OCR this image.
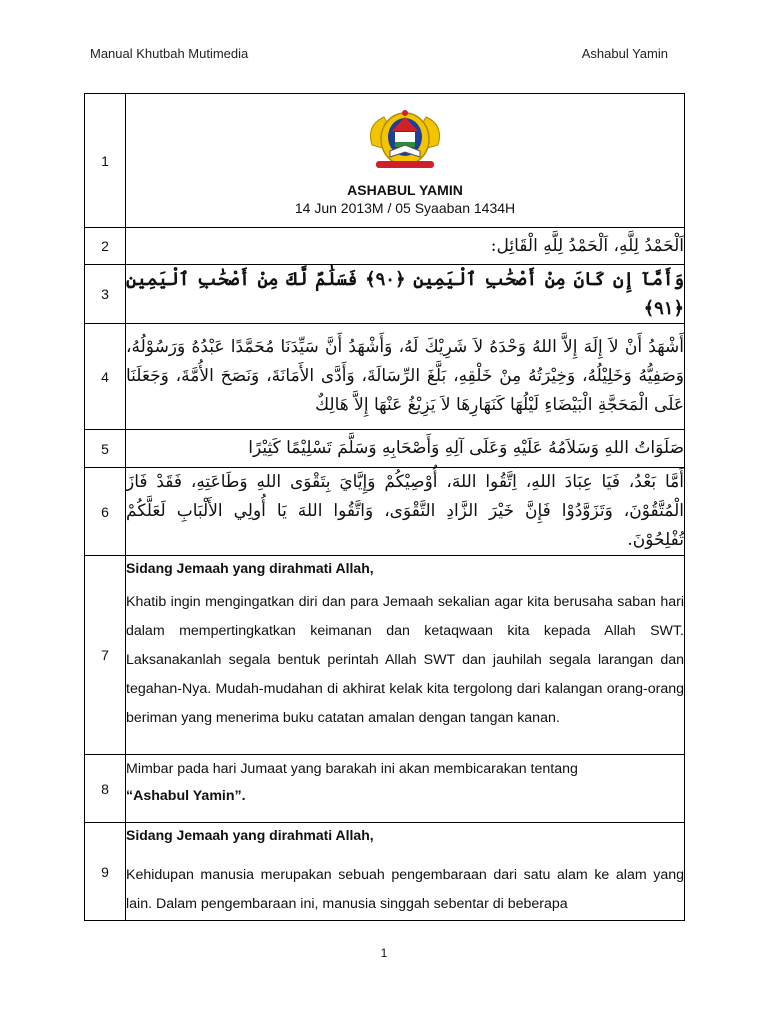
Manual Khutbah Mutimedia	Ashabul Yamin
1	ASHABUL YAMIN
14 Jun 2013M / 05 Syaaban 1434H

2	اَلْحَمْدُ لِلَّهِ، اَلْحَمْدُ لِلَّهِ الْقَائِل:

3	وَأَمَّآ إِن كَانَ مِنْ أَصْحَٰبِ ٱلْيَمِينِ ﴿٩٠﴾ فَسَلَٰمٌ لَّكَ مِنْ أَصْحَٰبِ ٱلْيَمِينِ ﴿٩١﴾

4	أَشْهَدُ أَنْ لاَ إِلَهَ إِلاَّ اللهُ وَحْدَهُ لاَ شَرِيْكَ لَهُ، وَأَشْهَدُ أَنَّ سَيِّدَنَا مُحَمَّدًا عَبْدُهُ وَرَسُوْلُهُ، وَصَفِيُّهُ وَخَلِيْلُهُ، وَخِيْرَتُهُ مِنْ خَلْقِهِ، بَلَّغَ الرِّسَالَةَ، وَأَدَّى الأَمَانَةَ، وَنَصَحَ الأُمَّةَ، وَجَعَلَنَا عَلَى الْمَحَجَّةِ الْبَيْضَاءِ لَيْلُهَا كَنَهَارِهَا لاَ يَزِيْغُ عَنْهَا إِلاَّ هَالِكٌ

5	صَلَوَاتُ اللهِ وَسَلاَمُهُ عَلَيْهِ وَعَلَى آلِهِ وَأَصْحَابِهِ وَسَلَّمَ تَسْلِيْمًا كَثِيْرًا

6	أَمَّا بَعْدُ، فَيَا عِبَادَ اللهِ، اِتَّقُوا اللهَ، أُوْصِيْكُمْ وَإِيَّايَ بِتَقْوَى اللهِ وَطَاعَتِهِ، فَقَدْ فَازَ الْمُتَّقُوْنَ، وَتَزَوَّدُوْا فَإِنَّ خَيْرَ الزَّادِ التَّقْوَى، وَاتَّقُوا اللهَ يَا أُولِي الأَلْبَابِ لَعَلَّكُمْ تُفْلِحُوْنَ.

7	Sidang Jemaah yang dirahmati Allah,
Khatib ingin mengingatkan diri dan para Jemaah sekalian agar kita berusaha saban hari dalam mempertingkatkan keimanan dan ketaqwaan kita kepada Allah SWT. Laksanakanlah segala bentuk perintah Allah SWT dan jauhilah segala larangan dan tegahan-Nya. Mudah-mudahan di akhirat kelak kita tergolong dari kalangan orang-orang beriman yang menerima buku catatan amalan dengan tangan kanan.

8	Mimbar pada hari Jumaat yang barakah ini akan membicarakan tentang
“Ashabul Yamin”.

9	Sidang Jemaah yang dirahmati Allah,
Kehidupan manusia merupakan sebuah pengembaraan dari satu alam ke alam yang lain. Dalam pengembaraan ini, manusia singgah sebentar di beberapa
1
